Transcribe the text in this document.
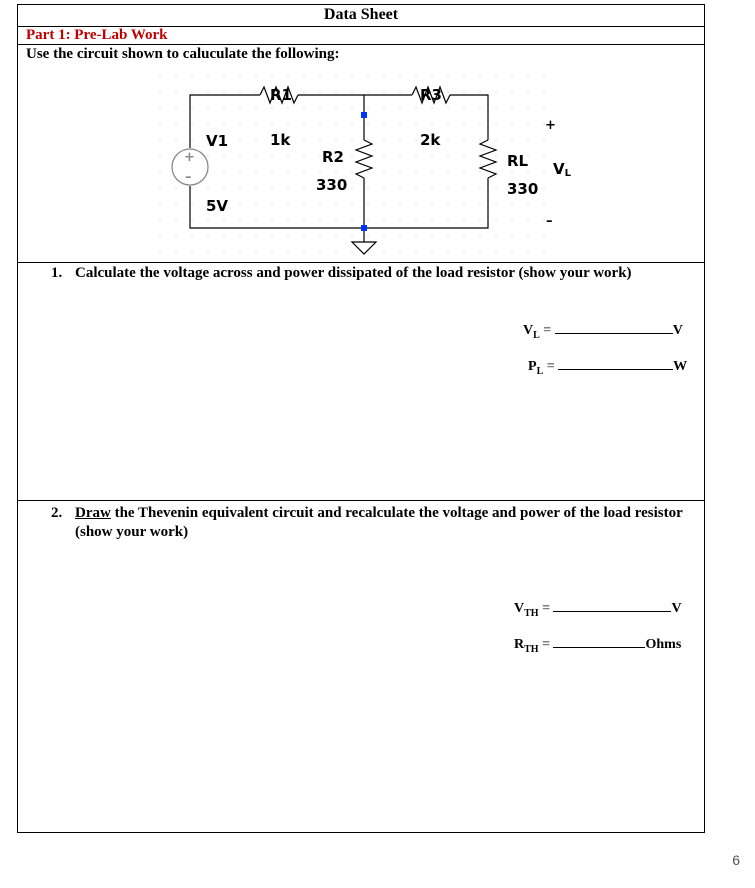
Data Sheet
Part 1: Pre-Lab Work
Use the circuit shown to caluculate the following:
+
–
R1
1k
R3
2k
R2
330
RL
330
V1
5V
+
–
VL
1. Calculate the voltage across and power dissipated of the load resistor (show your work)
$V_L$ =	V
$P_L$ =	W
2. Draw the Thevenin equivalent circuit and recalculate the voltage and power of the load resistor (show your work)
$V_{TH}$ =	V
$R_{TH}$ =	Ohms
6
